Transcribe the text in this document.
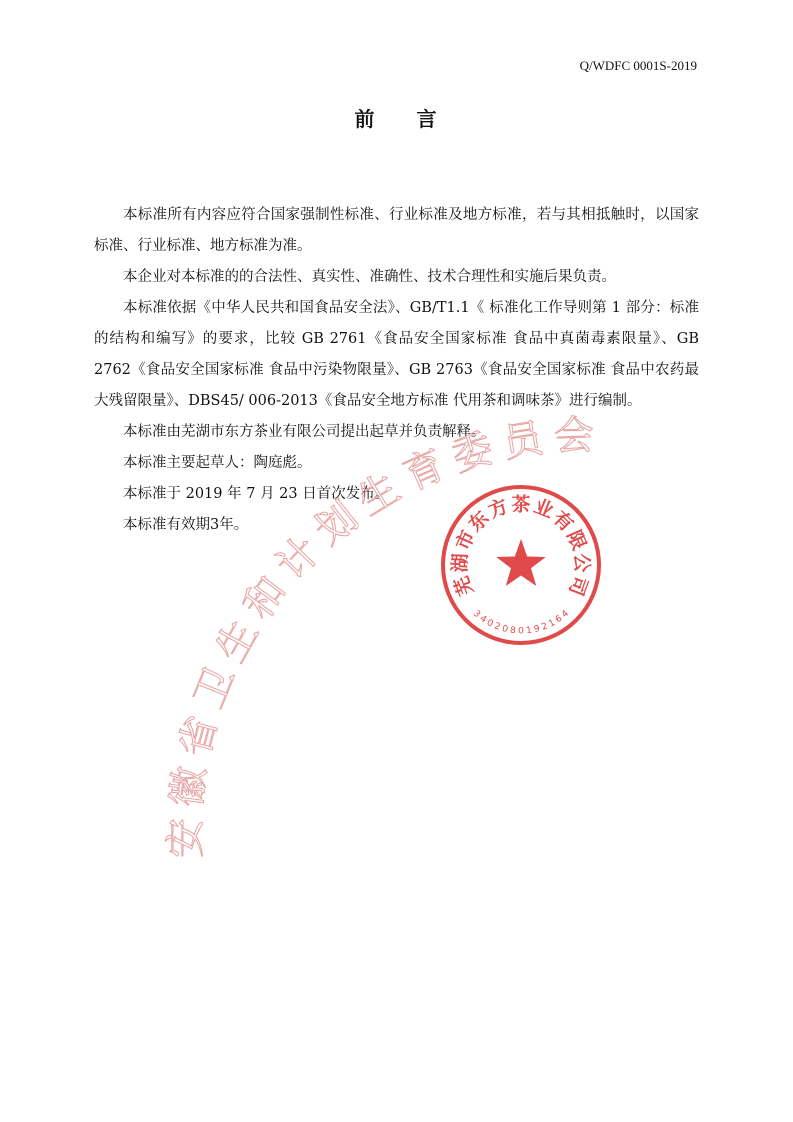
Q/WDFC 0001S-2019
前 言

本标准所有内容应符合国家强制性标准、行业标准及地方标准，若与其相抵触时，以国家标准、行业标准、地方标准为准。

本企业对本标准的的合法性、真实性、准确性、技术合理性和实施后果负责。

本标准依据《中华人民共和国食品安全法》、GB/T1.1《 标准化工作导则第 1 部分：标准的结构和编写》的要求，比较 GB 2761《食品安全国家标准 食品中真菌毒素限量》、GB 2762《食品安全国家标准 食品中污染物限量》、GB 2763《食品安全国家标准 食品中农药最大残留限量》、DBS45/ 006-2013《食品安全地方标准 代用茶和调味茶》进行编制。

本标准由芜湖市东方茶业有限公司提出起草并负责解释。

本标准主要起草人：陶庭彪。

本标准于 2019 年 7 月 23 日首次发布。

本标准有效期3年。

安
徽
省
卫
生
和
计
划
生
育
委 员 会
芜
湖
市
东
方 茶 业
有
限
公
司
3
4
0
2 0 8 0 1 9 2
1
6
4
